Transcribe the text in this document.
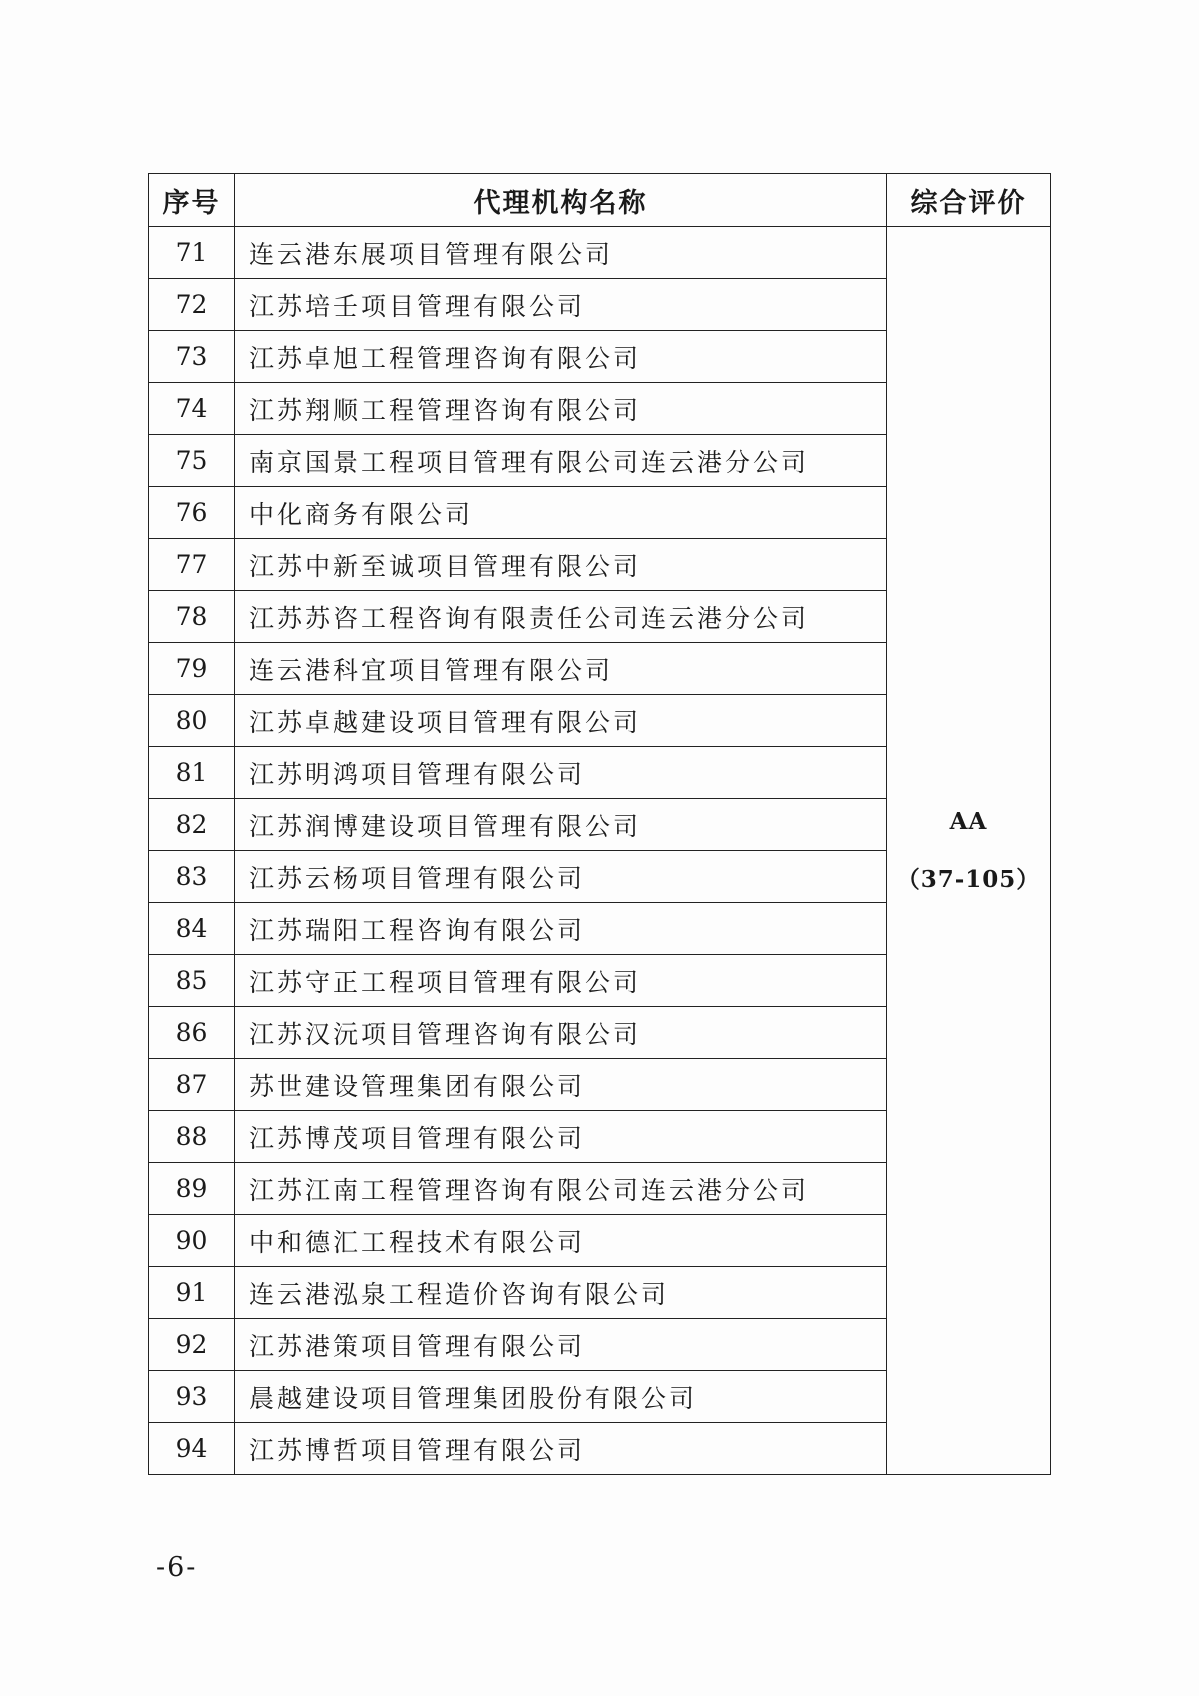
序号	代理机构名称	综合评价
71	连云港东展项目管理有限公司	AA
（37-105）

72	江苏培壬项目管理有限公司	
73	江苏卓旭工程管理咨询有限公司	
74	江苏翔顺工程管理咨询有限公司	
75	南京国景工程项目管理有限公司连云港分公司	
76	中化商务有限公司	
77	江苏中新至诚项目管理有限公司	
78	江苏苏咨工程咨询有限责任公司连云港分公司	
79	连云港科宜项目管理有限公司	
80	江苏卓越建设项目管理有限公司	
81	江苏明鸿项目管理有限公司	
82	江苏润博建设项目管理有限公司	
83	江苏云杨项目管理有限公司	
84	江苏瑞阳工程咨询有限公司	
85	江苏守正工程项目管理有限公司	
86	江苏汉沅项目管理咨询有限公司	
87	苏世建设管理集团有限公司	
88	江苏博茂项目管理有限公司	
89	江苏江南工程管理咨询有限公司连云港分公司	
90	中和德汇工程技术有限公司	
91	连云港泓泉工程造价咨询有限公司	
92	江苏港策项目管理有限公司	
93	晨越建设项目管理集团股份有限公司	
94	江苏博哲项目管理有限公司	
-6-
